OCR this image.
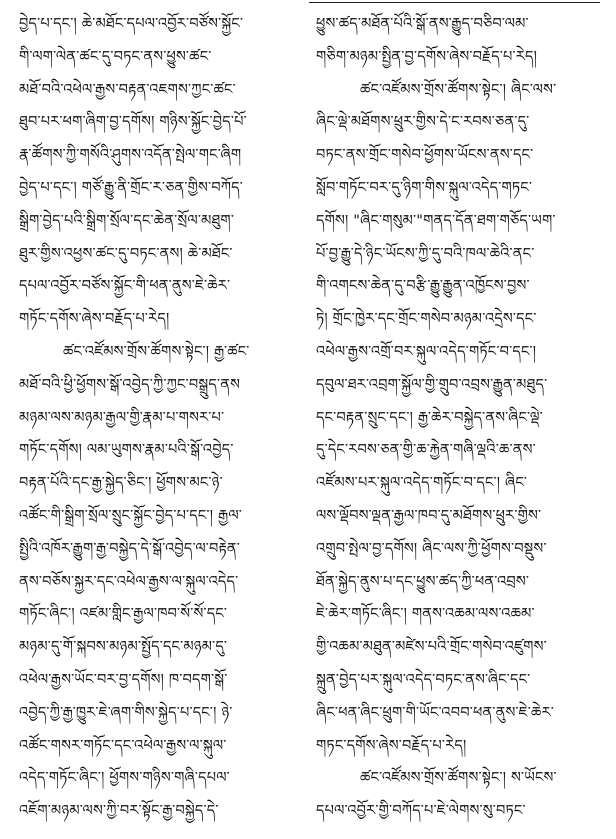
བྱེད་པ་དང་། ཆེ་མཐོང་དཔལ་འབྱོར་བཙོས་སྐྱོང་
གི་ལག་ལེན་ཚང་དུ་བཏང་ནས་ཕྱུས་ཚང་
མཐོ་བའི་འཕེལ་རྒྱས་བརྟན་འཇགས་ཀྱང་ཚང་
ཐུབ་པར་ཕག་ཞིག་བྱ་དགོས། གཉིས་སྐྱོང་བྱེད་པོ་
རྣ་ཚོགས་ཀྱི་གསོའི་ཤུགས་འདོན་སྤེལ་གང་ཞིག
བྱེད་པ་དང་། གཙོ་རྒྱུ་ནི་གྲོང་ར་ཅན་གྱིས་བཀོད་
སྒྲིག་བྱེད་པའི་སྒྲིག་སྲོལ་དང་ཆེན་སྲོལ་མཐུག་
ཐུར་གྱིས་འཕྱས་ཚང་དུ་བཏང་ནས། ཆེ་མཐོང་
དཔལ་འབྱོར་བཙོས་སྐྱོང་གི་ཕན་ནུས་ཇེ་ཆེར་
གཏོང་དགོས་ཞེས་བརྗོད་པ་རེད།
ཚང་འཛོམས་གྲོས་ཚོགས་སྟེང་། རྒྱ་ཚང་
མཐོ་བའི་ཕྱི་ཕྱོགས་སྒོ་འབྱེད་ཀྱི་ཀྱང་བསྒྲུད་ནས
མཉམ་ལས་མཉམ་རྒྱལ་གྱི་རྣམ་པ་གསར་པ་
གཏོང་དགོས། ལམ་ཡུགས་རྣམ་པའི་སྒོ་འབྱེད་
བརྟན་པོའི་དང་རྒྱ་སྐྱེད་ཅིང་། ཕྱོགས་མང་ཉེ་
འཚོང་གི་སྒྲིག་སྲོལ་སྲུང་སྐྱོང་བྱེད་པ་དང་། རྒྱལ་
སྤྱིའི་འཁོར་རྒྱུག་རྒྱ་བསྐྱེད་དེ་སྒོ་འབྱེད་ལ་བརྟེན་
ནས་བཅོས་སྐྱར་དང་འཕེལ་རྒྱས་ལ་སྐུལ་འདེད་
གཏོང་ཞིང་། འཛམ་གླིང་རྒྱལ་ཁབ་སོ་སོ་དང་
མཉམ་དུ་གོ་སྐབས་མཉམ་སྤྱོད་དང་མཉམ་དུ་
འཕེལ་རྒྱས་ཡོང་བར་བྱ་དགོས། ཁ་བདག་སྒོ་
འབྱེད་ཀྱི་རྒྱ་ཁྱུར་ཇེ་ཞག་གིས་སྐྱེད་པ་དང་། ཉེ་
འཚོང་གསར་གཏོང་དང་འཕེལ་རྒྱས་ལ་སྐུལ་
འདེད་གཏོང་ཞིང་། ཕྱོགས་གཉིས་གཞི་དཔལ་
འཇོག་མཉམ་ལས་ཀྱི་བར་སྟོང་རྒྱ་བསྐྱེད་དེ་
ཕྱུས་ཚད་མཐོན་པོའི་སྒོ་ནས་རྒྱུད་བཅིབ་ལམ་
གཅིག་མཉམ་སྤྱིན་བྱ་དགོས་ཞེས་བརྗོད་པ་རེད།
ཚང་འཛོམས་གྲོས་ཚོགས་སྟེང་། ཞིང་ལས་
ཞིང་ལྡེ་མཐོགས་ཕྲུར་གྱིས་དེ་ང་རབས་ཅན་དུ་
བཏང་ནས་གྲོང་གསེབ་ཕྱོགས་ཡོངས་ནས་དང་
སློབ་གཏོང་བར་དུ་ཉིག་གིས་སྐུལ་འདེད་གཏང་
དགོས། "ཞིང་གསུམ་"གནད་དོན་ཐག་གཅོད་ཡག་
པོ་བྱ་རྒྱུ་དེ་ཉིང་ཡོངས་ཀྱི་དུ་བའི་ཁལ་ཆེའི་ནང་
གི་འགངས་ཆེན་དུ་བརྩི་རྒྱུ་རྒྱུན་འཁྱོངས་བྱས་
ཏེ། གྲོང་ཁྱེར་དང་གྲོང་གསེབ་མཉམ་འདྲེས་དང་
འཕེལ་རྒྱས་འགྲོ་བར་སྐུལ་འདེད་གཏོང་བ་དང་།
དབུལ་ཐར་འབྲག་སྐྱོལ་གྱི་གྲུབ་འབྲས་རྒྱུན་མཐུད་
དང་བརྟན་སྲུང་དང་། རྒྱ་ཆེར་བསྐྱེད་ནས་ཞིང་ལྡེ་
དུ་དེང་རབས་ཅན་གྱི་ཆ་རྐྱེན་གཞི་ལྡའི་ཆ་ནས་
འཛོམས་པར་སྐུལ་འདེད་གཏོང་བ་དང་། ཞིང་
ལས་ལྡོབས་ལྡན་རྒྱལ་ཁབ་དུ་མཐོགས་ཕྲུར་གྱིས་
འགྲུབ་སྤེལ་བྱ་དགོས། ཞིང་ལས་ཀྱི་ཕྱོགས་བསྡུས་
ཐོན་སྐྱེད་ནུས་པ་དང་ཕྱུས་ཚད་ཀྱི་ཕན་འབྲས་
ཇེ་ཆེར་གཏོང་ཞིང་། གནས་འཆམ་ལས་འཆམ་
གྱི་འཆམ་མཐུན་མཛེས་པའི་གྲོང་གསེབ་འཛུགས་
སྐྲུན་བྱེད་པར་སྐུལ་འདེད་བཏང་ནས་ཞིང་དང་
ཞིང་ཕན་ཞིང་ཕྲུག་གི་ཡོང་འབབ་ཕན་ནུས་ཇེ་ཆེར་
གཏང་དགོས་ཞེས་བརྗོད་པ་རེད།
ཚང་འཛོམས་གྲོས་ཚོགས་སྟེང་། ས་ཡོངས་
དཔལ་འབྱོར་གྱི་བཀོད་པ་ཇེ་ལེགས་སུ་བཏང་
